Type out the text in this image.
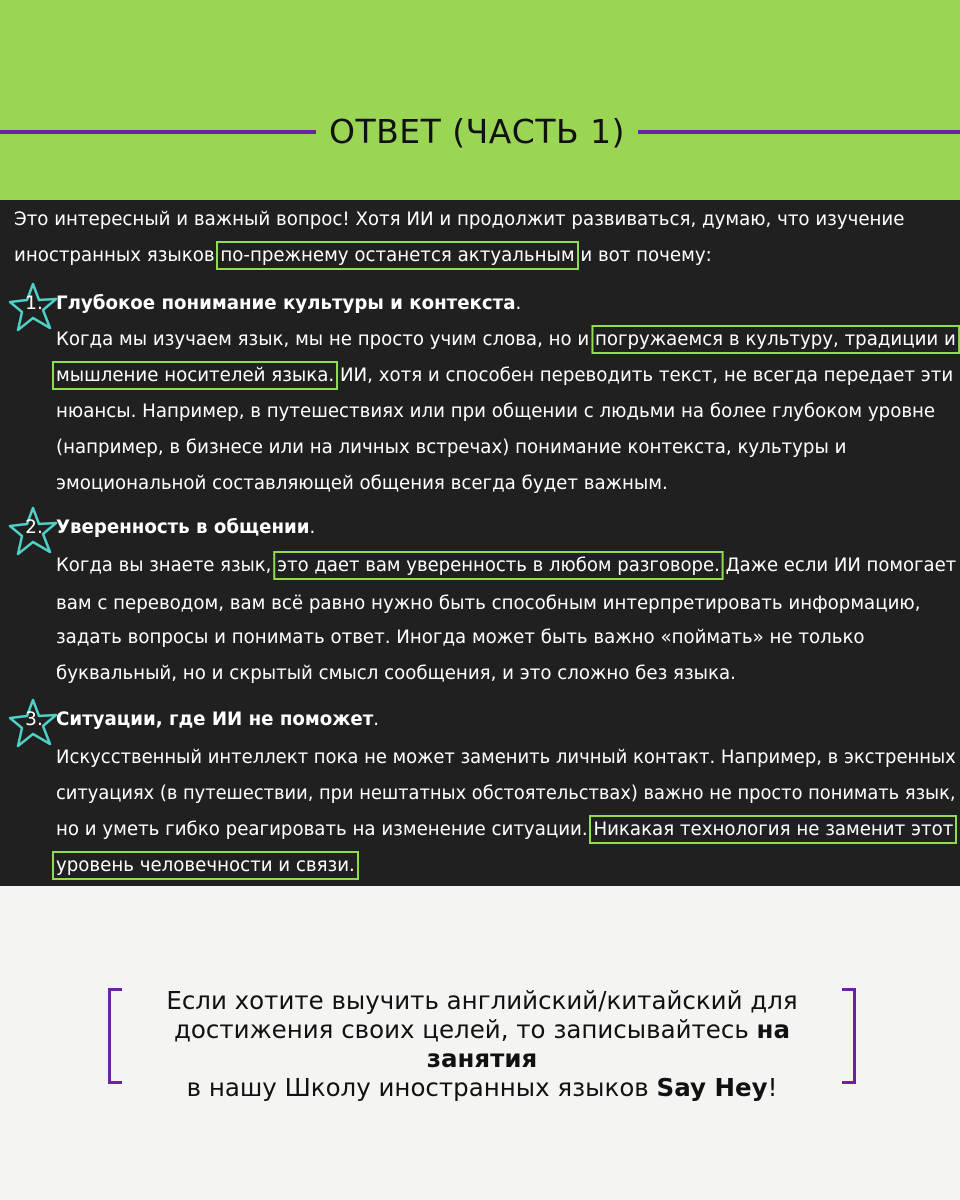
ОТВЕТ (ЧАСТЬ 1)
Это интересный и важный вопрос! Хотя ИИ и продолжит развиваться, думаю, что изучение
иностранных языков по-прежнему останется актуальным и вот почему:
1. Глубокое понимание культуры и контекста.
Когда мы изучаем язык, мы не просто учим слова, но и погружаемся в культуру, традиции и
мышление носителей языка. ИИ, хотя и способен переводить текст, не всегда передает эти
нюансы. Например, в путешествиях или при общении с людьми на более глубоком уровне
(например, в бизнесе или на личных встречах) понимание контекста, культуры и
эмоциональной составляющей общения всегда будет важным.
2. Уверенность в общении.
Когда вы знаете язык, это дает вам уверенность в любом разговоре. Даже если ИИ помогает
вам с переводом, вам всё равно нужно быть способным интерпретировать информацию,
задать вопросы и понимать ответ. Иногда может быть важно «поймать» не только
буквальный, но и скрытый смысл сообщения, и это сложно без языка.
3. Ситуации, где ИИ не поможет.
Искусственный интеллект пока не может заменить личный контакт. Например, в экстренных
ситуациях (в путешествии, при нештатных обстоятельствах) важно не просто понимать язык,
но и уметь гибко реагировать на изменение ситуации. Никакая технология не заменит этот
уровень человечности и связи.
Если хотите выучить английский/китайский для
достижения своих целей, то записывайтесь на занятия
в нашу Школу иностранных языков Say Hey!
